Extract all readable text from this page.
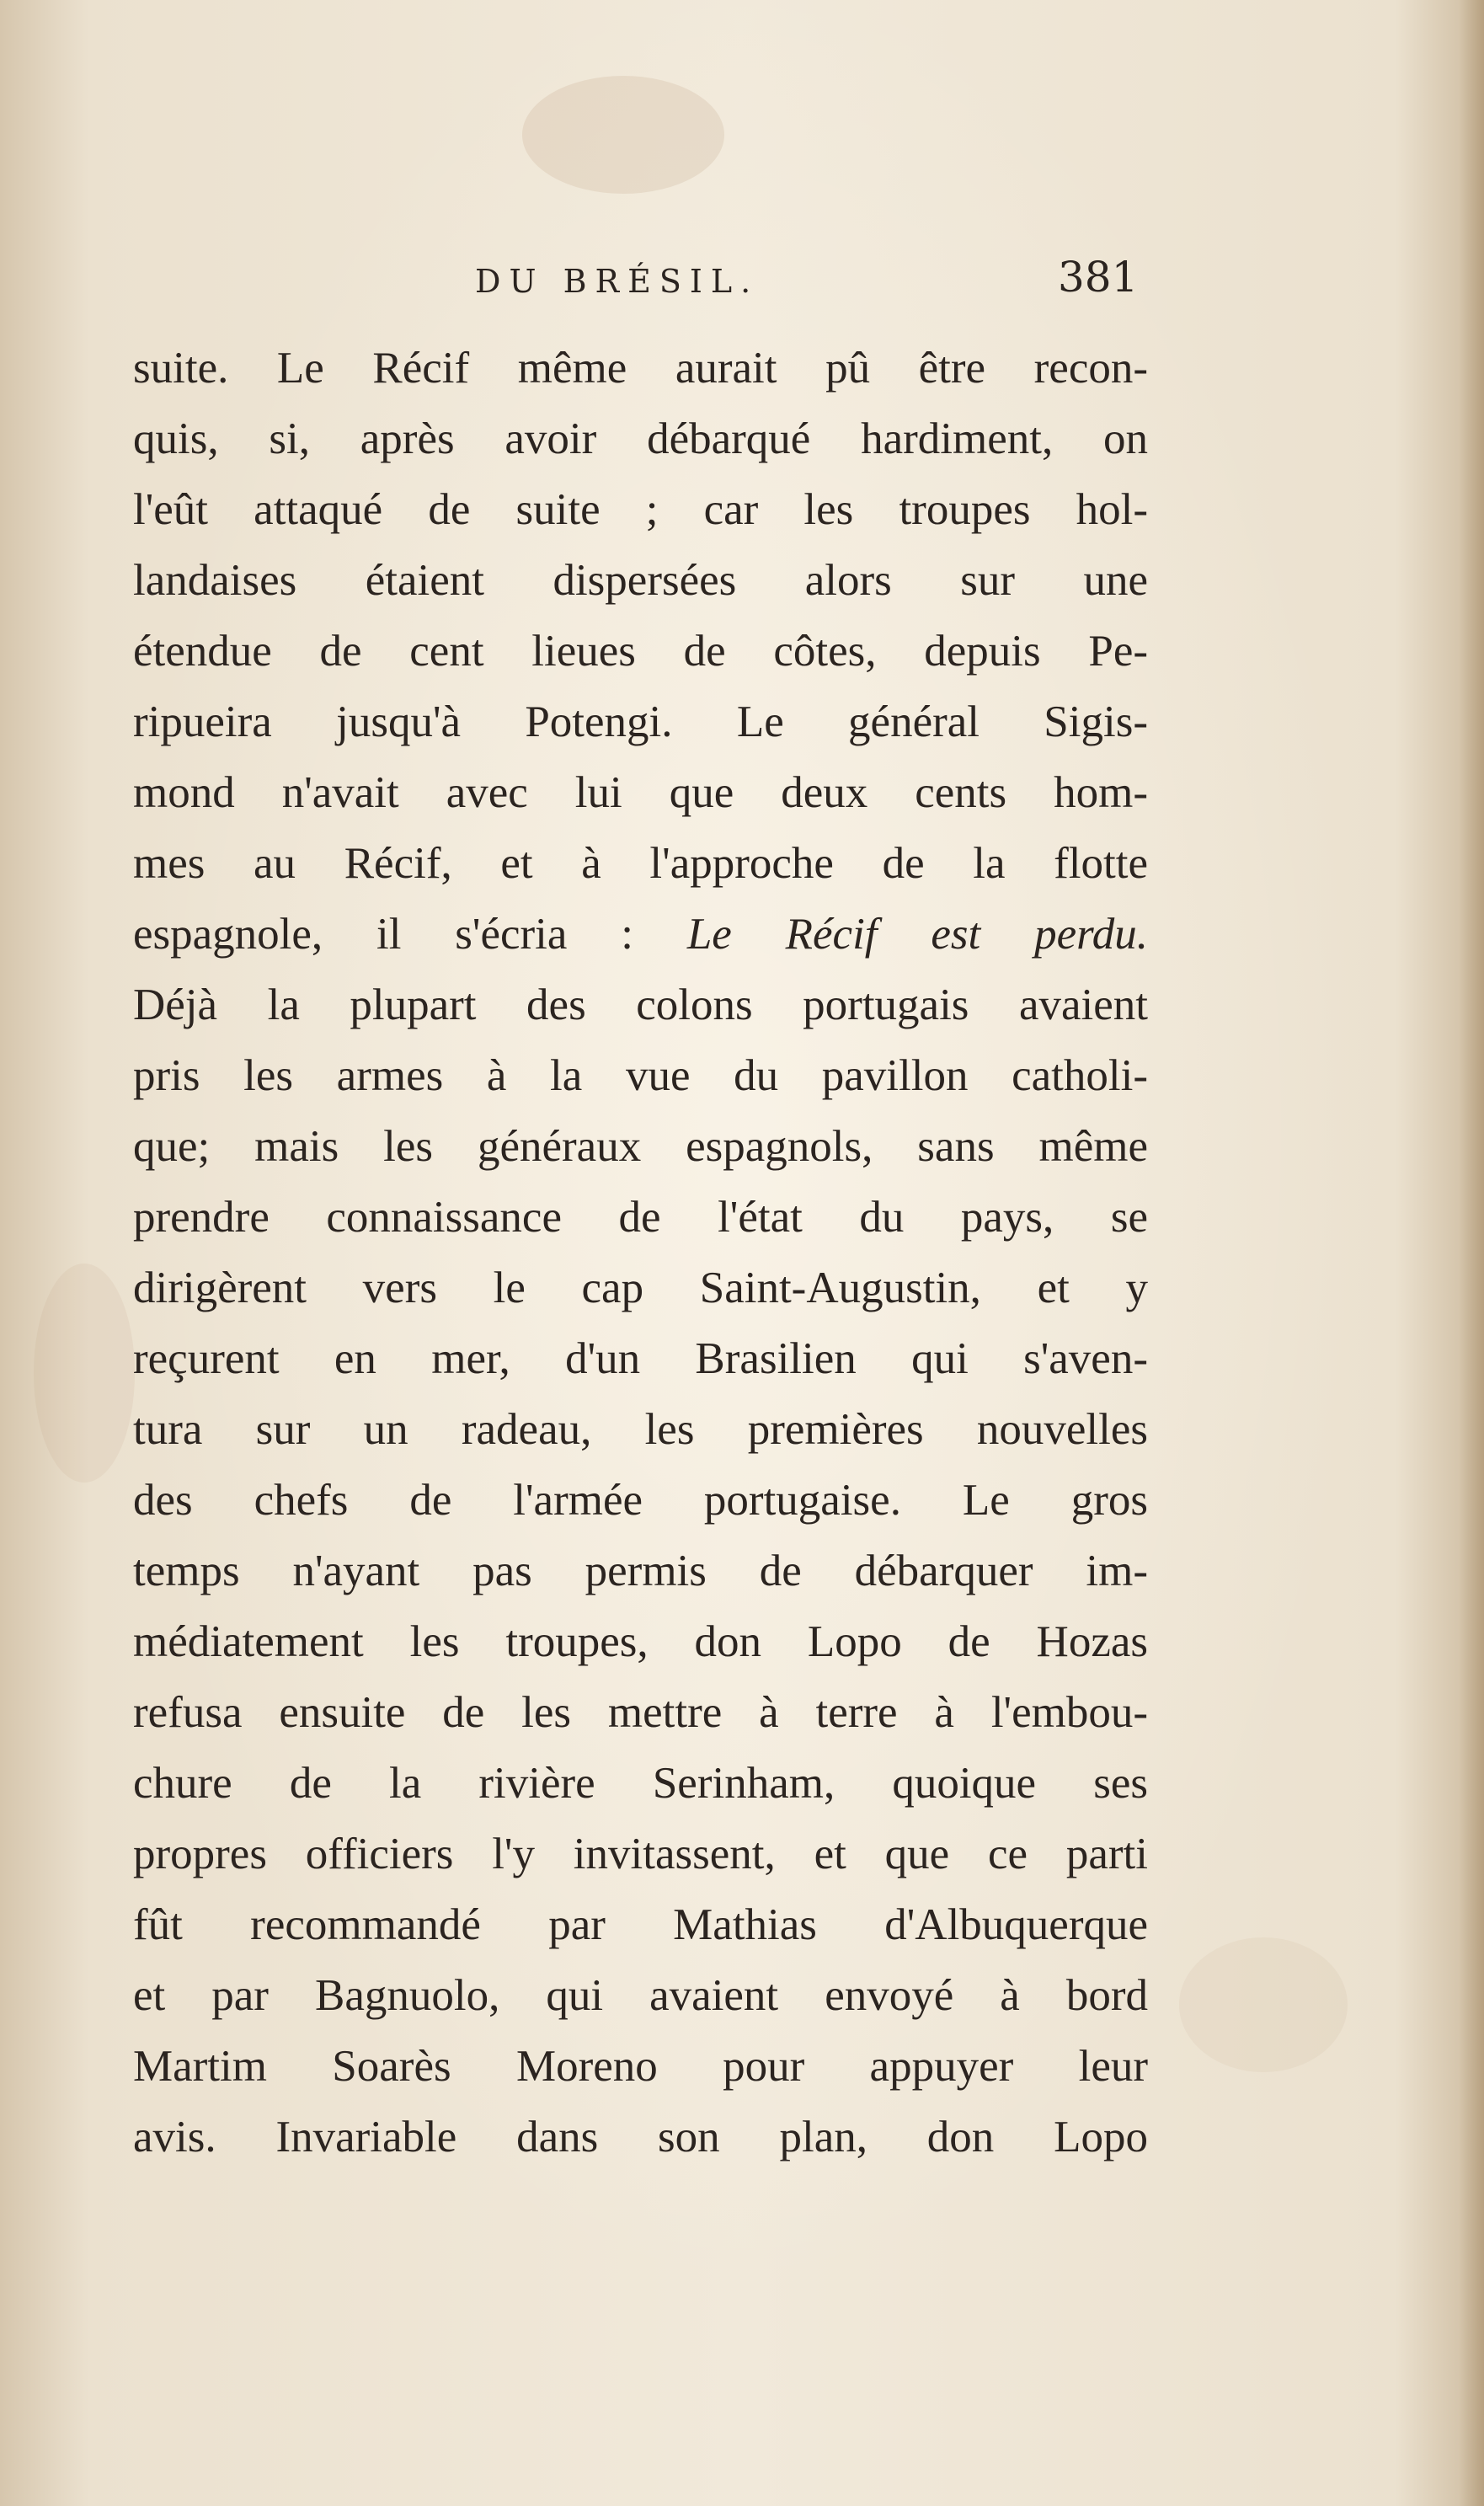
DU BRÉSIL.	381
suite. Le Récif même aurait pû être recon-
quis, si, après avoir débarqué hardiment, on
l'eût attaqué de suite ; car les troupes hol-
landaises étaient dispersées alors sur une
étendue de cent lieues de côtes, depuis Pe-
ripueira jusqu'à Potengi. Le général Sigis-
mond n'avait avec lui que deux cents hom-
mes au Récif, et à l'approche de la flotte
espagnole, il s'écria : Le Récif est perdu.
Déjà la plupart des colons portugais avaient
pris les armes à la vue du pavillon catholi-
que; mais les généraux espagnols, sans même
prendre connaissance de l'état du pays, se
dirigèrent vers le cap Saint-Augustin, et y
reçurent en mer, d'un Brasilien qui s'aven-
tura sur un radeau, les premières nouvelles
des chefs de l'armée portugaise. Le gros
temps n'ayant pas permis de débarquer im-
médiatement les troupes, don Lopo de Hozas
refusa ensuite de les mettre à terre à l'embou-
chure de la rivière Serinham, quoique ses
propres officiers l'y invitassent, et que ce parti
fût recommandé par Mathias d'Albuquerque
et par Bagnuolo, qui avaient envoyé à bord
Martim Soarès Moreno pour appuyer leur
avis. Invariable dans son plan, don Lopo
